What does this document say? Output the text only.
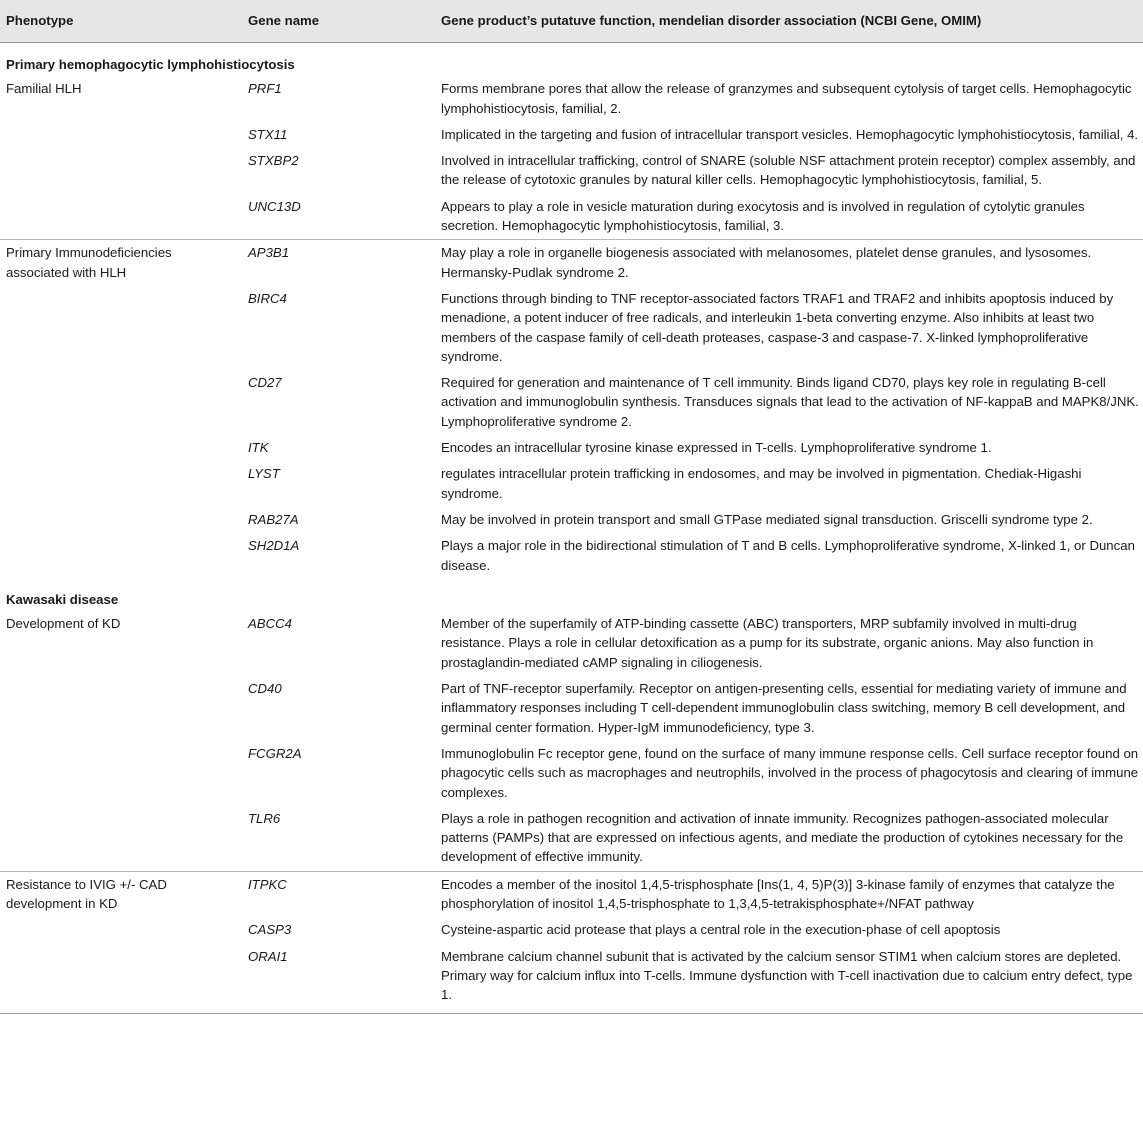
Phenotype	Gene name	Gene product’s putatuve function, mendelian disorder association (NCBI Gene, OMIM)
Primary hemophagocytic lymphohistiocytosis		
Familial HLH	PRF1	Forms membrane pores that allow the release of granzymes and subsequent cytolysis of target cells. Hemophagocytic lymphohistiocytosis, familial, 2.
	STX11	Implicated in the targeting and fusion of intracellular transport vesicles. Hemophagocytic lymphohistiocytosis, familial, 4.
	STXBP2	Involved in intracellular trafficking, control of SNARE (soluble NSF attachment protein receptor) complex assembly, and the release of cytotoxic granules by natural killer cells. Hemophagocytic lymphohistiocytosis, familial, 5.
	UNC13D	Appears to play a role in vesicle maturation during exocytosis and is involved in regulation of cytolytic granules secretion. Hemophagocytic lymphohistiocytosis, familial, 3.
Primary Immunodeficiencies associated with HLH	AP3B1	May play a role in organelle biogenesis associated with melanosomes, platelet dense granules, and lysosomes. Hermansky-Pudlak syndrome 2.
	BIRC4	Functions through binding to TNF receptor-associated factors TRAF1 and TRAF2 and inhibits apoptosis induced by menadione, a potent inducer of free radicals, and interleukin 1-beta converting enzyme. Also inhibits at least two members of the caspase family of cell-death proteases, caspase-3 and caspase-7. X-linked lymphoproliferative syndrome.
	CD27	Required for generation and maintenance of T cell immunity. Binds ligand CD70, plays key role in regulating B-cell activation and immunoglobulin synthesis. Transduces signals that lead to the activation of NF-kappaB and MAPK8/JNK. Lymphoproliferative syndrome 2.
	ITK	Encodes an intracellular tyrosine kinase expressed in T-cells. Lymphoproliferative syndrome 1.
	LYST	regulates intracellular protein trafficking in endosomes, and may be involved in pigmentation. Chediak-Higashi syndrome.
	RAB27A	May be involved in protein transport and small GTPase mediated signal transduction. Griscelli syndrome type 2.
	SH2D1A	Plays a major role in the bidirectional stimulation of T and B cells. Lymphoproliferative syndrome, X-linked 1, or Duncan disease.
Kawasaki disease		
Development of KD	ABCC4	Member of the superfamily of ATP-binding cassette (ABC) transporters, MRP subfamily involved in multi-drug resistance. Plays a role in cellular detoxification as a pump for its substrate, organic anions. May also function in prostaglandin-mediated cAMP signaling in ciliogenesis.
	CD40	Part of TNF-receptor superfamily. Receptor on antigen-presenting cells, essential for mediating variety of immune and inflammatory responses including T cell-dependent immunoglobulin class switching, memory B cell development, and germinal center formation. Hyper-IgM immunodeficiency, type 3.
	FCGR2A	Immunoglobulin Fc receptor gene, found on the surface of many immune response cells. Cell surface receptor found on phagocytic cells such as macrophages and neutrophils, involved in the process of phagocytosis and clearing of immune complexes.
	TLR6	Plays a role in pathogen recognition and activation of innate immunity. Recognizes pathogen-associated molecular patterns (PAMPs) that are expressed on infectious agents, and mediate the production of cytokines necessary for the development of effective immunity.
Resistance to IVIG +/- CAD development in KD	ITPKC	Encodes a member of the inositol 1,4,5-trisphosphate [Ins(1, 4, 5)P(3)] 3-kinase family of enzymes that catalyze the phosphorylation of inositol 1,4,5-trisphosphate to 1,3,4,5-tetrakisphosphate+/NFAT pathway
	CASP3	Cysteine-aspartic acid protease that plays a central role in the execution-phase of cell apoptosis
	ORAI1	Membrane calcium channel subunit that is activated by the calcium sensor STIM1 when calcium stores are depleted. Primary way for calcium influx into T-cells. Immune dysfunction with T-cell inactivation due to calcium entry defect, type 1.
